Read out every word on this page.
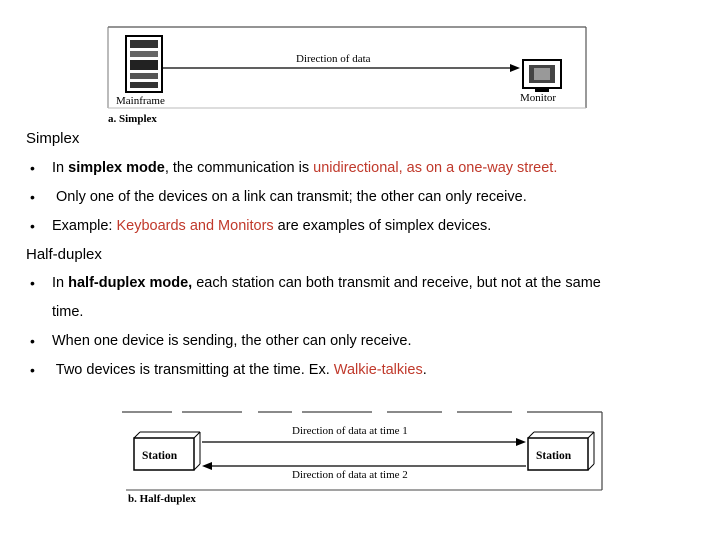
Mainframe
Direction of data
Monitor
a. Simplex
Simplex
• In simplex mode, the communication is unidirectional, as on a one-way street.
• Only one of the devices on a link can transmit; the other can only receive.
• Example: Keyboards and Monitors are examples of simplex devices.
Half-duplex
• In half-duplex mode, each station can both transmit and receive, but not at the same
time.
• When one device is sending, the other can only receive.
• Two devices is transmitting at the time. Ex. Walkie-talkies.
Station	Station
Direction of data at time 1
Direction of data at time 2
b. Half-duplex
